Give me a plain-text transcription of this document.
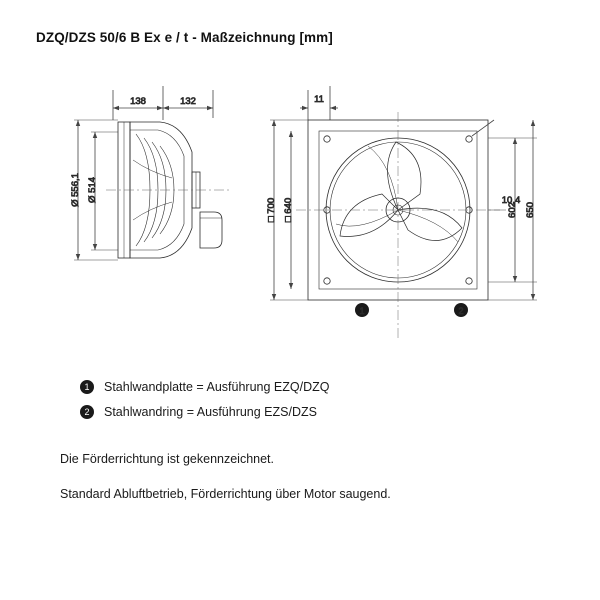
DZQ/DZS 50/6 B Ex e / t - Maßzeichnung [mm]
138	132
Ø 556,1 Ø 514
11
10,4
□ 700 □ 640	602 650
1	2
1	Stahlwandplatte = Ausführung EZQ/DZQ
2	Stahlwandring = Ausführung EZS/DZS
Die Förderrichtung ist gekennzeichnet.
Standard Abluftbetrieb, Förderrichtung über Motor saugend.
